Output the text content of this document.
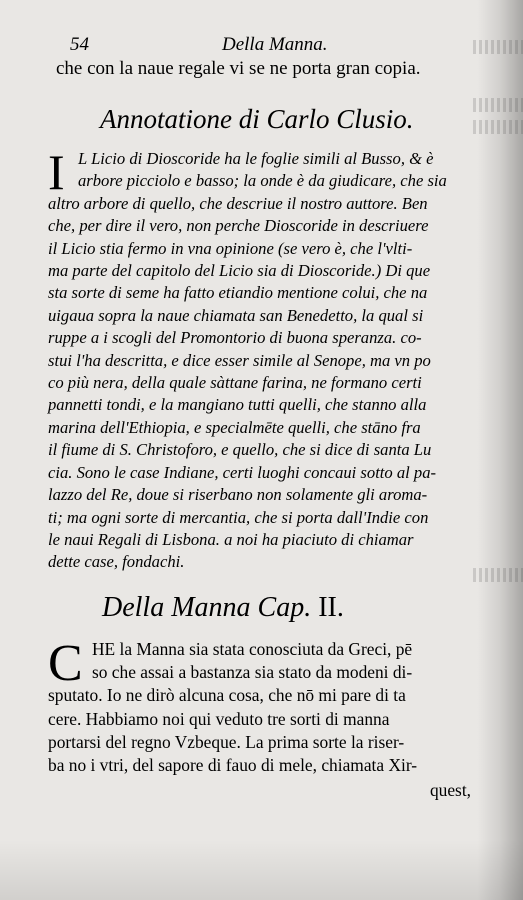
54	Della Manna.
che con la naue regale vi se ne porta gran copia.
Annotatione di Carlo Clusio.
I L Licio di Dioscoride ha le foglie simili al Busso, & è
arbore picciolo e basso; la onde è da giudicare, che sia
altro arbore di quello, che descriue il nostro auttore. Ben
che, per dire il vero, non perche Dioscoride in descriuere
il Licio stia fermo in vna opinione (se vero è, che l'vlti-
ma parte del capitolo del Licio sia di Dioscoride.) Di que
sta sorte di seme ha fatto etiandio mentione colui, che na
uigaua sopra la naue chiamata san Benedetto, la qual si
ruppe a i scogli del Promontorio di buona speranza. co-
stui l'ha descritta, e dice esser simile al Senope, ma vn po
co più nera, della quale sàttane farina, ne formano certi
pannetti tondi, e la mangiano tutti quelli, che stanno alla
marina dell'Ethiopia, e specialmēte quelli, che stāno fra
il fiume di S. Christoforo, e quello, che si dice di santa Lu
cia. Sono le case Indiane, certi luoghi concaui sotto al pa-
lazzo del Re, doue si riserbano non solamente gli aroma-
ti; ma ogni sorte di mercantia, che si porta dall'Indie con
le naui Regali di Lisbona. a noi ha piaciuto di chiamar
dette case, fondachi.
Della Manna Cap. II.
C HE la Manna sia stata conosciuta da Greci, pē
so che assai a bastanza sia stato da modeni di-
sputato. Io ne dirò alcuna cosa, che nō mi pare di ta
cere. Habbiamo noi qui veduto tre sorti di manna
portarsi del regno Vzbeque. La prima sorte la riser-
ba no i vtri, del sapore di fauo di mele, chiamata Xir-
quest,
